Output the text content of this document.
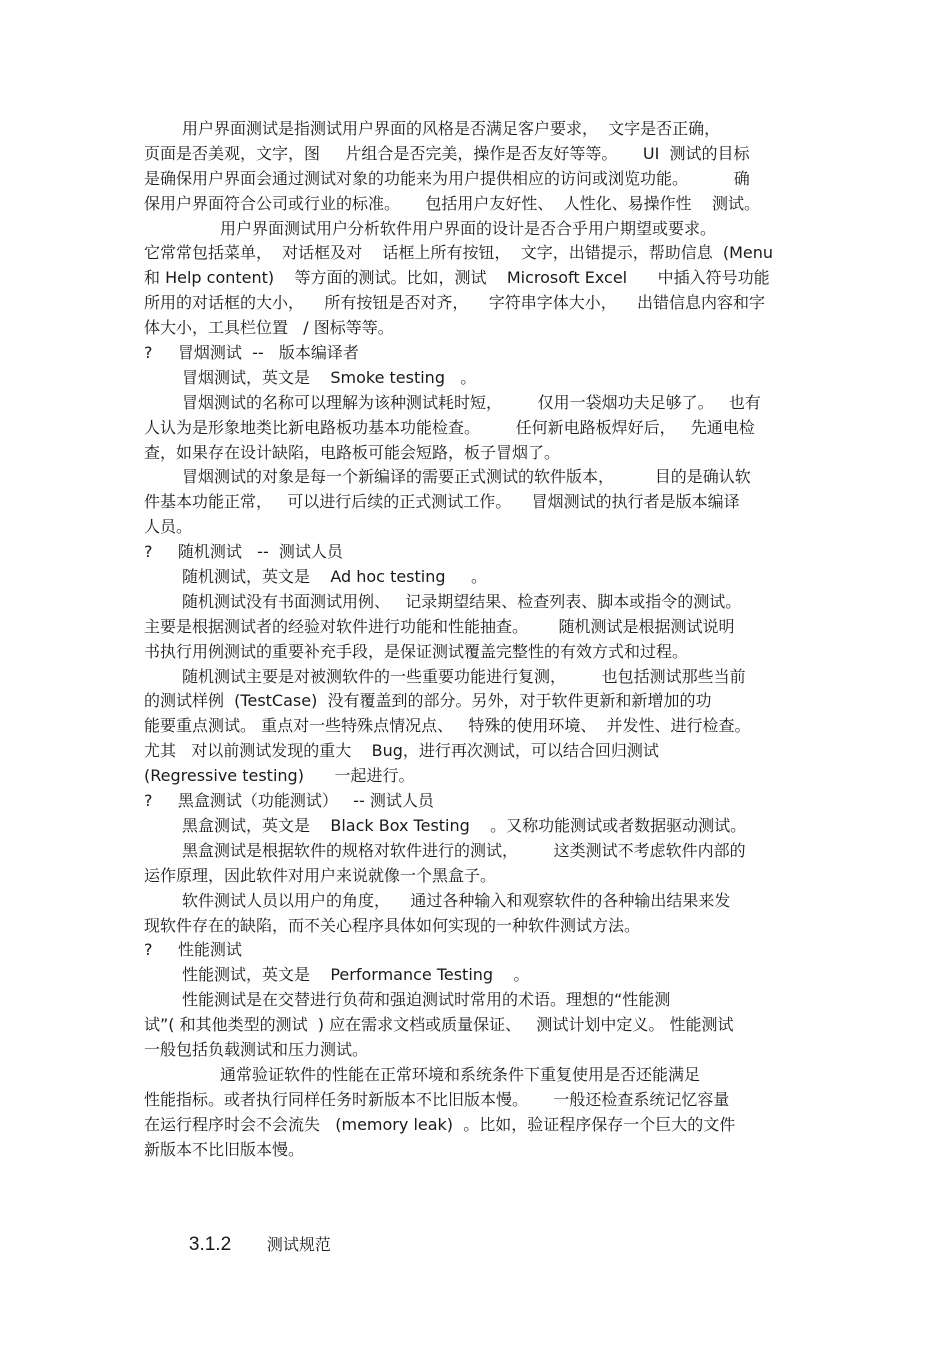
用户界面测试是指测试用户界面的风格是否满足客户要求，  文字是否正确，
页面是否美观，文字，图     片组合是否完美，操作是否友好等等。     UI  测试的目标
是确保用户界面会通过测试对象的功能来为用户提供相应的访问或浏览功能。         确
保用户界面符合公司或行业的标准。     包括用户友好性、  人性化、易操作性    测试。
用户界面测试用户分析软件用户界面的设计是否合乎用户期望或要求。
它常常包括菜单，  对话框及对    话框上所有按钮，  文字，出错提示，帮助信息  (Menu
和 Help content)    等方面的测试。比如，测试    Microsoft Excel      中插入符号功能
所用的对话框的大小，    所有按钮是否对齐，    字符串字体大小，    出错信息内容和字
体大小，工具栏位置   / 图标等等。
?     冒烟测试  --   版本编译者
冒烟测试，英文是    Smoke testing   。
冒烟测试的名称可以理解为该种测试耗时短，       仅用一袋烟功夫足够了。   也有
人认为是形象地类比新电路板功基本功能检查。       任何新电路板焊好后，   先通电检
查，如果存在设计缺陷，电路板可能会短路，板子冒烟了。
冒烟测试的对象是每一个新编译的需要正式测试的软件版本，        目的是确认软
件基本功能正常，   可以进行后续的正式测试工作。    冒烟测试的执行者是版本编译
人员。
?     随机测试   --  测试人员
随机测试，英文是    Ad hoc testing     。
随机测试没有书面测试用例、   记录期望结果、检查列表、脚本或指令的测试。
主要是根据测试者的经验对软件进行功能和性能抽查。      随机测试是根据测试说明
书执行用例测试的重要补充手段，是保证测试覆盖完整性的有效方式和过程。
随机测试主要是对被测软件的一些重要功能进行复测，       也包括测试那些当前
的测试样例  (TestCase)  没有覆盖到的部分。另外，对于软件更新和新增加的功
能要重点测试。 重点对一些特殊点情况点、   特殊的使用环境、  并发性、进行检查。
尤其   对以前测试发现的重大    Bug，进行再次测试，可以结合回归测试
(Regressive testing)      一起进行。
?     黑盒测试（功能测试）   -- 测试人员
黑盒测试，英文是    Black Box Testing    。又称功能测试或者数据驱动测试。
黑盒测试是根据软件的规格对软件进行的测试，       这类测试不考虑软件内部的
运作原理，因此软件对用户来说就像一个黑盒子。
软件测试人员以用户的角度，    通过各种输入和观察软件的各种输出结果来发
现软件存在的缺陷，而不关心程序具体如何实现的一种软件测试方法。
?     性能测试
性能测试，英文是    Performance Testing    。
性能测试是在交替进行负荷和强迫测试时常用的术语。理想的“性能测
试”( 和其他类型的测试  ) 应在需求文档或质量保证、   测试计划中定义。 性能测试
一般包括负载测试和压力测试。
通常验证软件的性能在正常环境和系统条件下重复使用是否还能满足
性能指标。或者执行同样任务时新版本不比旧版本慢。     一般还检查系统记忆容量
在运行程序时会不会流失   (memory leak)  。比如，验证程序保存一个巨大的文件
新版本不比旧版本慢。

3.1.2 测试规范
